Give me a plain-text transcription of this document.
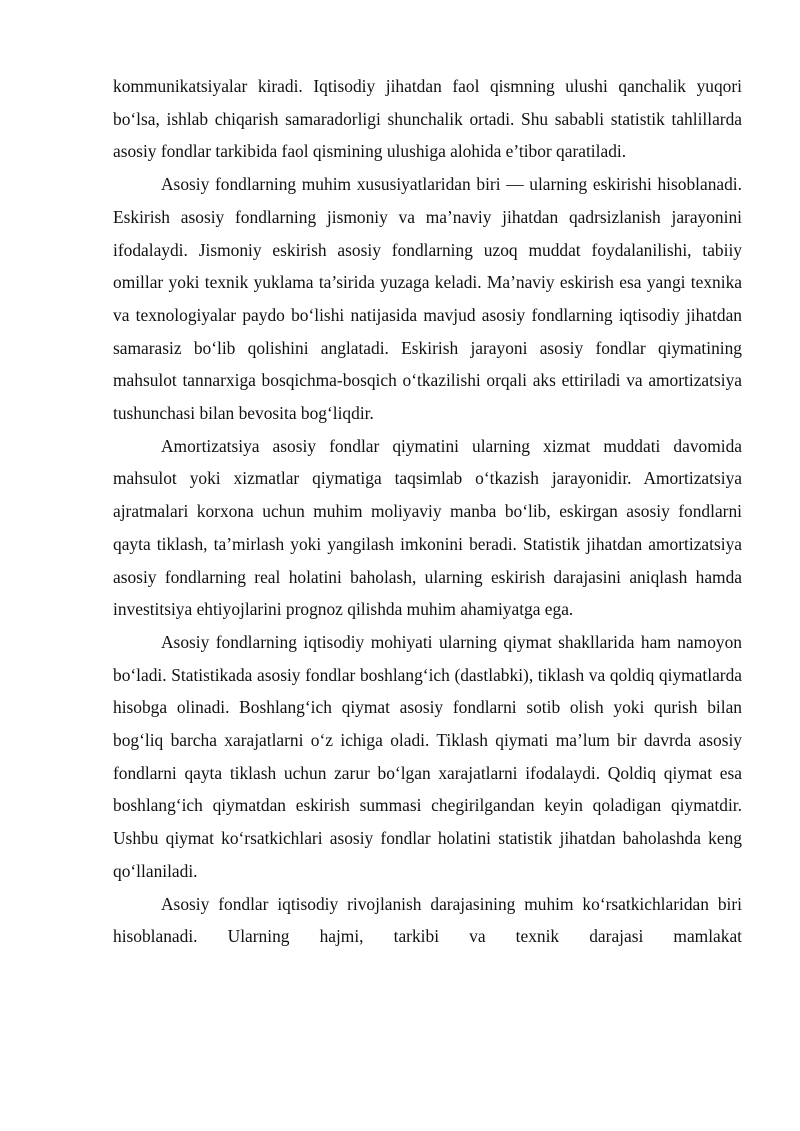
kommunikatsiyalar kiradi. Iqtisodiy jihatdan faol qismning ulushi qanchalik yuqori bo‘lsa, ishlab chiqarish samaradorligi shunchalik ortadi. Shu sababli statistik tahlillarda asosiy fondlar tarkibida faol qismining ulushiga alohida e’tibor qaratiladi.

Asosiy fondlarning muhim xususiyatlaridan biri — ularning eskirishi hisoblanadi. Eskirish asosiy fondlarning jismoniy va ma’naviy jihatdan qadrsizlanish jarayonini ifodalaydi. Jismoniy eskirish asosiy fondlarning uzoq muddat foydalanilishi, tabiiy omillar yoki texnik yuklama ta’sirida yuzaga keladi. Ma’naviy eskirish esa yangi texnika va texnologiyalar paydo bo‘lishi natijasida mavjud asosiy fondlarning iqtisodiy jihatdan samarasiz bo‘lib qolishini anglatadi. Eskirish jarayoni asosiy fondlar qiymatining mahsulot tannarxiga bosqichma-bosqich o‘tkazilishi orqali aks ettiriladi va amortizatsiya tushunchasi bilan bevosita bog‘liqdir.

Amortizatsiya asosiy fondlar qiymatini ularning xizmat muddati davomida mahsulot yoki xizmatlar qiymatiga taqsimlab o‘tkazish jarayonidir. Amortizatsiya ajratmalari korxona uchun muhim moliyaviy manba bo‘lib, eskirgan asosiy fondlarni qayta tiklash, ta’mirlash yoki yangilash imkonini beradi. Statistik jihatdan amortizatsiya asosiy fondlarning real holatini baholash, ularning eskirish darajasini aniqlash hamda investitsiya ehtiyojlarini prognoz qilishda muhim ahamiyatga ega.

Asosiy fondlarning iqtisodiy mohiyati ularning qiymat shakllarida ham namoyon bo‘ladi. Statistikada asosiy fondlar boshlang‘ich (dastlabki), tiklash va qoldiq qiymatlarda hisobga olinadi. Boshlang‘ich qiymat asosiy fondlarni sotib olish yoki qurish bilan bog‘liq barcha xarajatlarni o‘z ichiga oladi. Tiklash qiymati ma’lum bir davrda asosiy fondlarni qayta tiklash uchun zarur bo‘lgan xarajatlarni ifodalaydi. Qoldiq qiymat esa boshlang‘ich qiymatdan eskirish summasi chegirilgandan keyin qoladigan qiymatdir. Ushbu qiymat ko‘rsatkichlari asosiy fondlar holatini statistik jihatdan baholashda keng qo‘llaniladi.

Asosiy fondlar iqtisodiy rivojlanish darajasining muhim ko‘rsatkichlaridan biri hisoblanadi. Ularning hajmi, tarkibi va texnik darajasi mamlakat
